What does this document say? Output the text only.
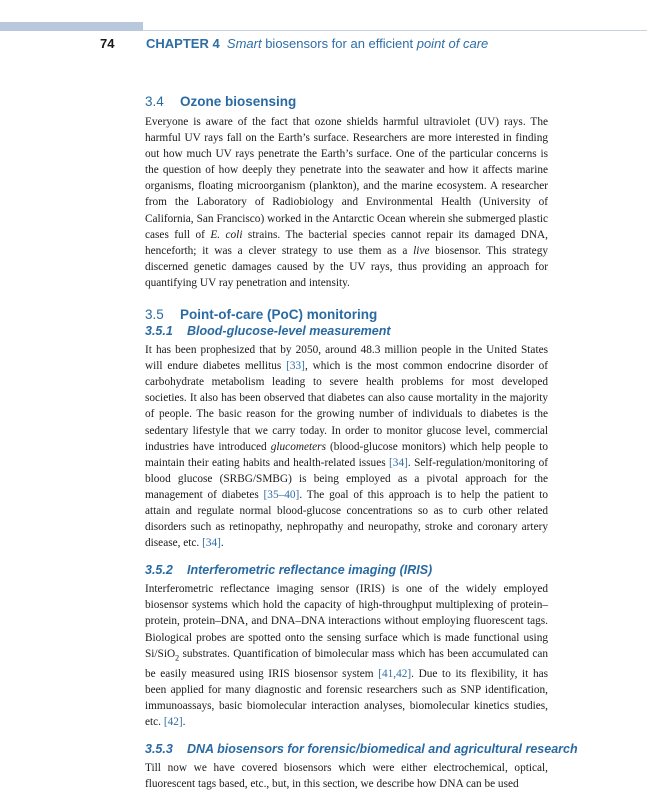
74 CHAPTER 4 Smart biosensors for an efficient point of care
3.4 Ozone biosensing

Everyone is aware of the fact that ozone shields harmful ultraviolet (UV) rays. The harmful UV rays fall on the Earth’s surface. Researchers are more interested in finding out how much UV rays penetrate the Earth’s surface. One of the particular concerns is the question of how deeply they penetrate into the seawater and how it affects marine organisms, floating microorganism (plankton), and the marine ecosystem. A researcher from the Laboratory of Radiobiology and Environmental Health (University of California, San Francisco) worked in the Antarctic Ocean wherein she submerged plastic cases full of E. coli strains. The bacterial species cannot repair its damaged DNA, henceforth; it was a clever strategy to use them as a live biosensor. This strategy discerned genetic damages caused by the UV rays, thus providing an approach for quantifying UV ray penetration and intensity.

3.5 Point-of-care (PoC) monitoring
3.5.1 Blood-glucose-level measurement

It has been prophesized that by 2050, around 48.3 million people in the United States will endure diabetes mellitus [33], which is the most common endocrine disorder of carbohydrate metabolism leading to severe health problems for most developed societies. It also has been observed that diabetes can also cause mortality in the majority of people. The basic reason for the growing number of individuals to diabetes is the sedentary lifestyle that we carry today. In order to monitor glucose level, commercial industries have introduced glucometers (blood-glucose monitors) which help people to maintain their eating habits and health-related issues [34]. Self-regulation/monitoring of blood glucose (SRBG/SMBG) is being employed as a pivotal approach for the management of diabetes [35–40]. The goal of this approach is to help the patient to attain and regulate normal blood-glucose concentrations so as to curb other related disorders such as retinopathy, nephropathy and neuropathy, stroke and coronary artery disease, etc. [34].

3.5.2 Interferometric reflectance imaging (IRIS)

Interferometric reflectance imaging sensor (IRIS) is one of the widely employed biosensor systems which hold the capacity of high-throughput multiplexing of protein–protein, protein–DNA, and DNA–DNA interactions without employing fluorescent tags. Biological probes are spotted onto the sensing surface which is made functional using Si/SiO$_2$ substrates. Quantification of bimolecular mass which has been accumulated can be easily measured using IRIS biosensor system [41,42]. Due to its flexibility, it has been applied for many diagnostic and forensic researchers such as SNP identification, immunoassays, basic biomolecular interaction analyses, biomolecular kinetics studies, etc. [42].

3.5.3 DNA biosensors for forensic/biomedical and agricultural research

Till now we have covered biosensors which were either electrochemical, optical, fluorescent tags based, etc., but, in this section, we describe how DNA can be used
